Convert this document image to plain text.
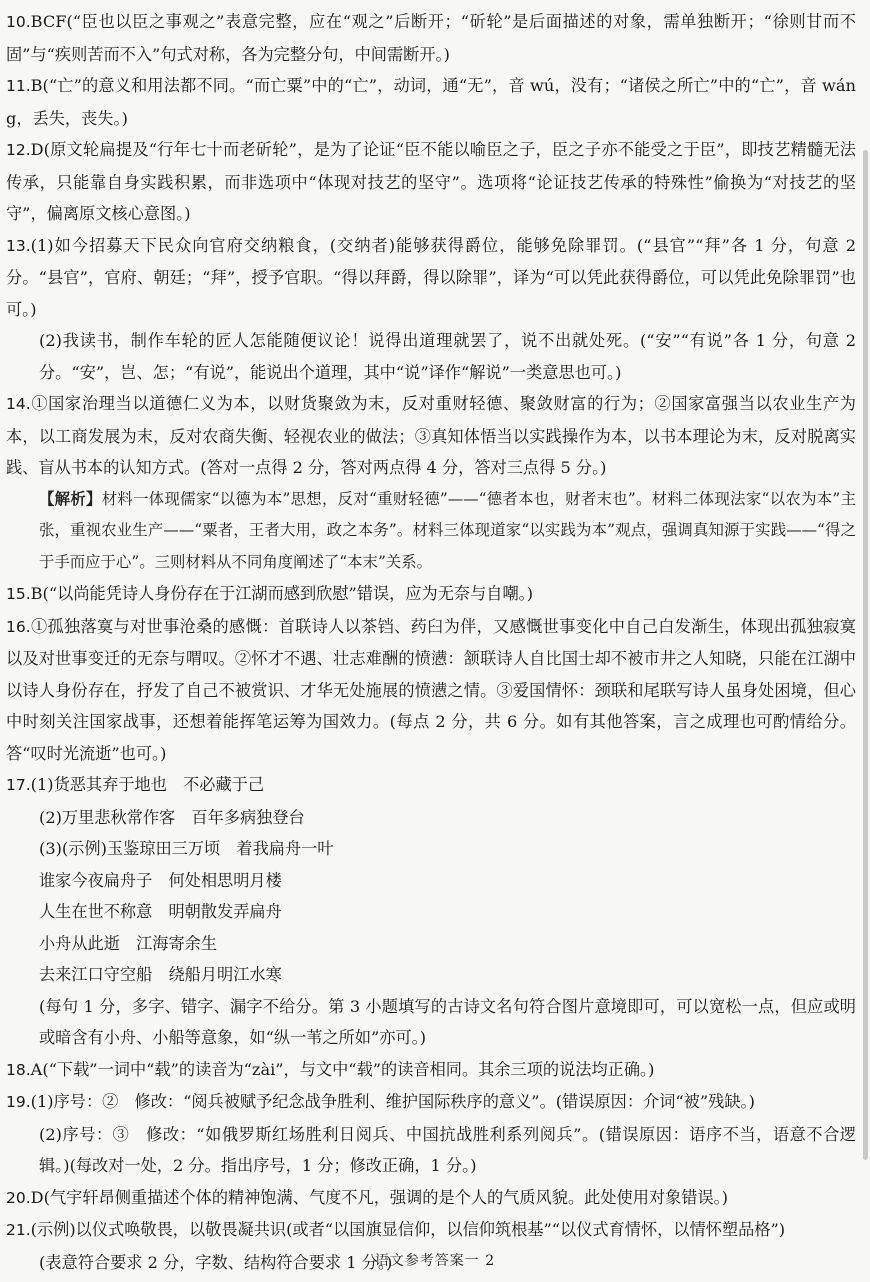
10.BCF(“臣也以臣之事观之”表意完整，应在“观之”后断开；“斫轮”是后面描述的对象，需单独断开；“徐则甘而不固”与“疾则苦而不入”句式对称，各为完整分句，中间需断开。)

11.B(“亡”的意义和用法都不同。“而亡粟”中的“亡”，动词，通“无”，音 wú，没有；“诸侯之所亡”中的“亡”，音 wáng，丢失，丧失。)

12.D(原文轮扁提及“行年七十而老斫轮”，是为了论证“臣不能以喻臣之子，臣之子亦不能受之于臣”，即技艺精髓无法传承，只能靠自身实践积累，而非选项中“体现对技艺的坚守”。选项将“论证技艺传承的特殊性”偷换为“对技艺的坚守”，偏离原文核心意图。)

13.(1)如今招募天下民众向官府交纳粮食，(交纳者)能够获得爵位，能够免除罪罚。(“县官”“拜”各 1 分，句意 2 分。“县官”，官府、朝廷；“拜”，授予官职。“得以拜爵，得以除罪”，译为“可以凭此获得爵位，可以凭此免除罪罚”也可。)

(2)我读书，制作车轮的匠人怎能随便议论！说得出道理就罢了，说不出就处死。(“安”“有说”各 1 分，句意 2 分。“安”，岂、怎；“有说”，能说出个道理，其中“说”译作“解说”一类意思也可。)

14.①国家治理当以道德仁义为本，以财货聚敛为末，反对重财轻德、聚敛财富的行为；②国家富强当以农业生产为本，以工商发展为末，反对农商失衡、轻视农业的做法；③真知体悟当以实践操作为本，以书本理论为末，反对脱离实践、盲从书本的认知方式。(答对一点得 2 分，答对两点得 4 分，答对三点得 5 分。)

【解析】材料一体现儒家“以德为本”思想，反对“重财轻德”——“德者本也，财者末也”。材料二体现法家“以农为本”主张，重视农业生产——“粟者，王者大用，政之本务”。材料三体现道家“以实践为本”观点，强调真知源于实践——“得之于手而应于心”。三则材料从不同角度阐述了“本末”关系。

15.B(“以尚能凭诗人身份存在于江湖而感到欣慰”错误，应为无奈与自嘲。)

16.①孤独落寞与对世事沧桑的感慨：首联诗人以茶铛、药臼为伴，又感慨世事变化中自己白发渐生，体现出孤独寂寞以及对世事变迁的无奈与喟叹。②怀才不遇、壮志难酬的愤懑：颔联诗人自比国士却不被市井之人知晓，只能在江湖中以诗人身份存在，抒发了自己不被赏识、才华无处施展的愤懑之情。③爱国情怀：颈联和尾联写诗人虽身处困境，但心中时刻关注国家战事，还想着能挥笔运筹为国效力。(每点 2 分，共 6 分。如有其他答案，言之成理也可酌情给分。答“叹时光流逝”也可。)

17.(1)货恶其弃于地也　不必藏于己

(2)万里悲秋常作客　百年多病独登台

(3)(示例)玉鉴琼田三万顷　着我扁舟一叶

谁家今夜扁舟子　何处相思明月楼

人生在世不称意　明朝散发弄扁舟

小舟从此逝　江海寄余生

去来江口守空船　绕船月明江水寒

(每句 1 分，多字、错字、漏字不给分。第 3 小题填写的古诗文名句符合图片意境即可，可以宽松一点，但应或明或暗含有小舟、小船等意象，如“纵一苇之所如”亦可。)

18.A(“下载”一词中“载”的读音为“zài”，与文中“载”的读音相同。其余三项的说法均正确。)

19.(1)序号：②　修改：“阅兵被赋予纪念战争胜利、维护国际秩序的意义”。(错误原因：介词“被”残缺。)

(2)序号：③　修改：“如俄罗斯红场胜利日阅兵、中国抗战胜利系列阅兵”。(错误原因：语序不当，语意不合逻辑。)(每改对一处，2 分。指出序号，1 分；修改正确，1 分。)

20.D(气宇轩昂侧重描述个体的精神饱满、气度不凡，强调的是个人的气质风貌。此处使用对象错误。)

21.(示例)以仪式唤敬畏，以敬畏凝共识(或者“以国旗显信仰，以信仰筑根基”“以仪式育情怀，以情怀塑品格”)

(表意符合要求 2 分，字数、结构符合要求 1 分。)

语文参考答案一 2
